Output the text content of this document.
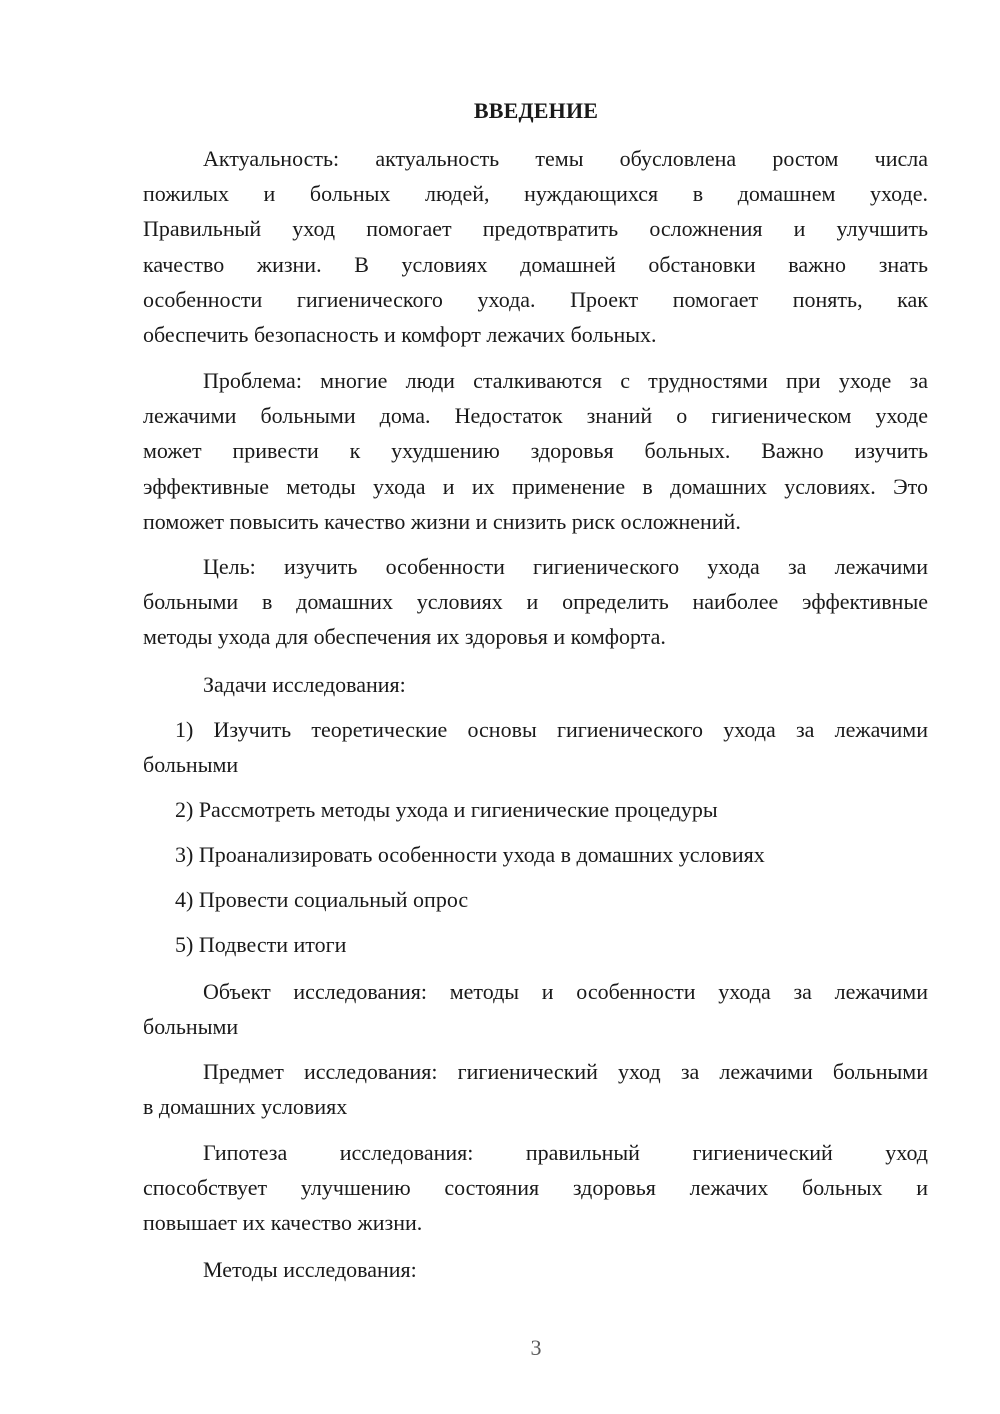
ВВЕДЕНИЕ
Актуальность: актуальность темы обусловлена ростом числа
пожилых и больных людей, нуждающихся в домашнем уходе.
Правильный уход помогает предотвратить осложнения и улучшить
качество жизни. В условиях домашней обстановки важно знать
особенности гигиенического ухода. Проект помогает понять, как
обеспечить безопасность и комфорт лежачих больных.
Проблема: многие люди сталкиваются с трудностями при уходе за
лежачими больными дома. Недостаток знаний о гигиеническом уходе
может привести к ухудшению здоровья больных. Важно изучить
эффективные методы ухода и их применение в домашних условиях. Это
поможет повысить качество жизни и снизить риск осложнений.
Цель: изучить особенности гигиенического ухода за лежачими
больными в домашних условиях и определить наиболее эффективные
методы ухода для обеспечения их здоровья и комфорта.
Задачи исследования:
1) Изучить теоретические основы гигиенического ухода за лежачими
больными
2) Рассмотреть методы ухода и гигиенические процедуры
3) Проанализировать особенности ухода в домашних условиях
4) Провести социальный опрос
5) Подвести итоги
Объект исследования: методы и особенности ухода за лежачими
больными
Предмет исследования: гигиенический уход за лежачими больными
в домашних условиях
Гипотеза исследования: правильный гигиенический уход
способствует улучшению состояния здоровья лежачих больных и
повышает их качество жизни.
Методы исследования:
3
